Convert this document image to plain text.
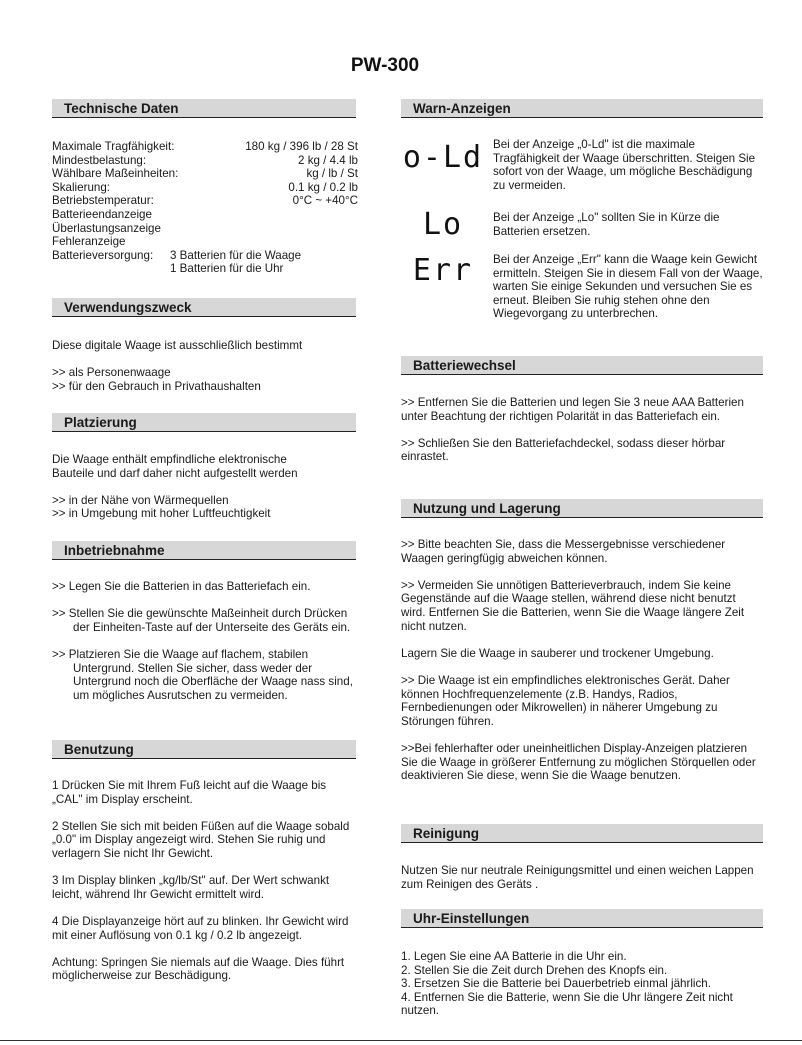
PW-300
Technische Daten
Maximale Tragfähigkeit:	180 kg / 396 lb / 28 St
Mindestbelastung:	2 kg / 4.4 lb
Wählbare Maßeinheiten:	kg / lb / St
Skalierung:	0.1 kg / 0.2 lb
Betriebstemperatur:	0°C ~ +40°C
Batterieendanzeige
Überlastungsanzeige
Fehleranzeige
Batterieversorgung:	3 Batterien für die Waage
1 Batterien für die Uhr
Verwendungszweck

Diese digitale Waage ist ausschließlich bestimmt

>> als Personenwaage

>> für den Gebrauch in Privathaushalten

Platzierung

Die Waage enthält empfindliche elektronische

Bauteile und darf daher nicht aufgestellt werden

>> in der Nähe von Wärmequellen

>> in Umgebung mit hoher Luftfeuchtigkeit

Inbetriebnahme

>> Legen Sie die Batterien in das Batteriefach ein.

>> Stellen Sie die gewünschte Maßeinheit durch Drücken der Einheiten-Taste auf der Unterseite des Geräts ein.

>> Platzieren Sie die Waage auf flachem, stabilen Untergrund. Stellen Sie sicher, dass weder der Untergrund noch die Oberfläche der Waage nass sind, um mögliches Ausrutschen zu vermeiden.

Benutzung

1 Drücken Sie mit Ihrem Fuß leicht auf die Waage bis „CAL" im Display erscheint.

2 Stellen Sie sich mit beiden Füßen auf die Waage sobald „0.0" im Display angezeigt wird. Stehen Sie ruhig und verlagern Sie nicht Ihr Gewicht.

3 Im Display blinken „kg/lb/St" auf. Der Wert schwankt leicht, während Ihr Gewicht ermittelt wird.

4 Die Displayanzeige hört auf zu blinken. Ihr Gewicht wird mit einer Auflösung von 0.1 kg / 0.2 lb angezeigt.

Achtung: Springen Sie niemals auf die Waage. Dies führt möglicherweise zur Beschädigung.

Warn-Anzeigen
o-Ld Bei der Anzeige „0-Ld" ist die maximale Tragfähigkeit der Waage überschritten. Steigen Sie sofort von der Waage, um mögliche Beschädigung zu vermeiden.
Lo	Bei der Anzeige „Lo" sollten Sie in Kürze die Batterien ersetzen.
Err	Bei der Anzeige „Err" kann die Waage kein Gewicht ermitteln. Steigen Sie in diesem Fall von der Waage, warten Sie einige Sekunden und versuchen Sie es erneut. Bleiben Sie ruhig stehen ohne den Wiegevorgang zu unterbrechen.
Batteriewechsel

>> Entfernen Sie die Batterien und legen Sie 3 neue AAA Batterien unter Beachtung der richtigen Polarität in das Batteriefach ein.

>> Schließen Sie den Batteriefachdeckel, sodass dieser hörbar einrastet.

Nutzung und Lagerung

>> Bitte beachten Sie, dass die Messergebnisse verschiedener Waagen geringfügig abweichen können.

>> Vermeiden Sie unnötigen Batterieverbrauch, indem Sie keine Gegenstände auf die Waage stellen, während diese nicht benutzt wird. Entfernen Sie die Batterien, wenn Sie die Waage längere Zeit nicht nutzen.

Lagern Sie die Waage in sauberer und trockener Umgebung.

>> Die Waage ist ein empfindliches elektronisches Gerät. Daher können Hochfrequenzelemente (z.B. Handys, Radios, Fernbedienungen oder Mikrowellen) in näherer Umgebung zu Störungen führen.

>>Bei fehlerhafter oder uneinheitlichen Display-Anzeigen platzieren Sie die Waage in größerer Entfernung zu möglichen Störquellen oder deaktivieren Sie diese, wenn Sie die Waage benutzen.

Reinigung
Nutzen Sie nur neutrale Reinigungsmittel und einen weichen Lappen zum Reinigen des Geräts .
Uhr-Einstellungen

1. Legen Sie eine AA Batterie in die Uhr ein.

2. Stellen Sie die Zeit durch Drehen des Knopfs ein.

3. Ersetzen Sie die Batterie bei Dauerbetrieb einmal jährlich.

4. Entfernen Sie die Batterie, wenn Sie die Uhr längere Zeit nicht nutzen.
